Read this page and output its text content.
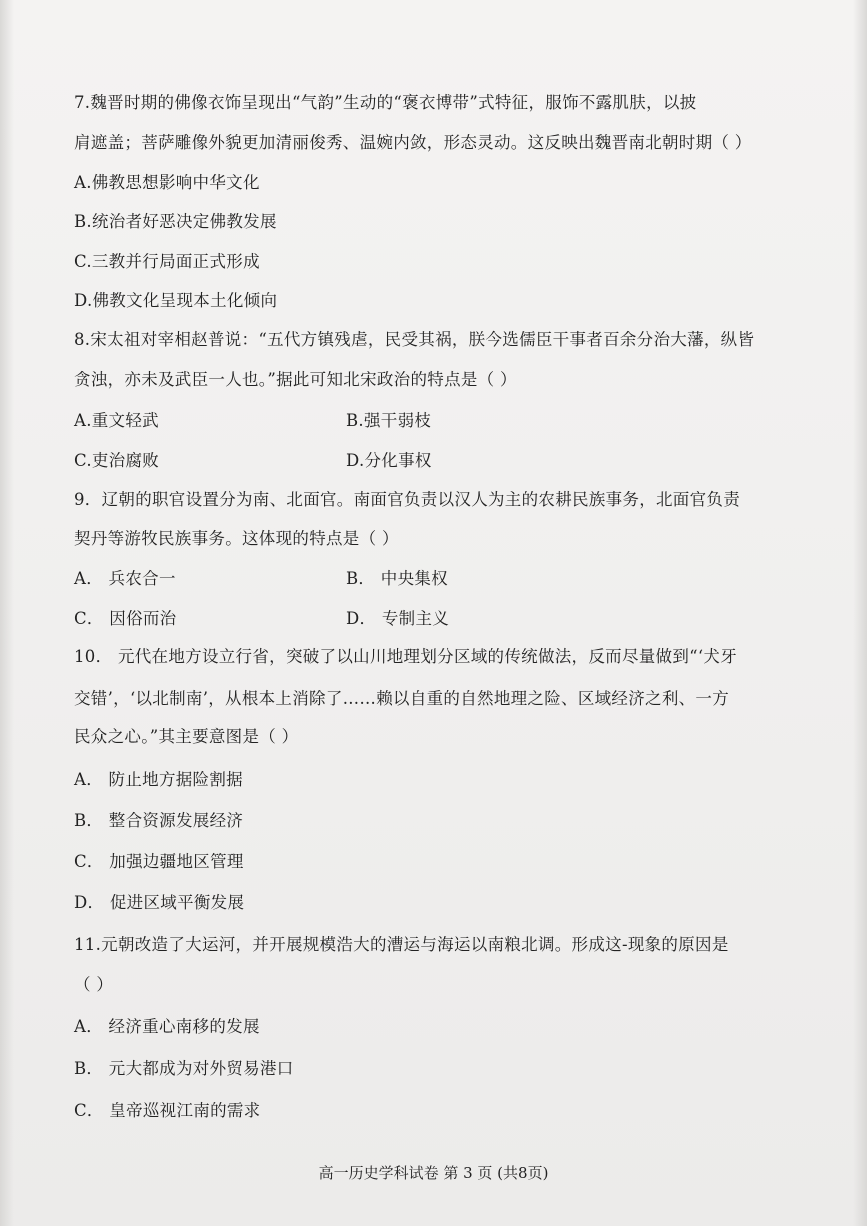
7.魏晋时期的佛像衣饰呈现出“气韵”生动的“褒衣博带”式特征，服饰不露肌肤，以披
肩遮盖；菩萨雕像外貌更加清丽俊秀、温婉内敛，形态灵动。这反映出魏晋南北朝时期（ ）
A.佛教思想影响中华文化
B.统治者好恶决定佛教发展
C.三教并行局面正式形成
D.佛教文化呈现本土化倾向
8.宋太祖对宰相赵普说：“五代方镇残虐，民受其祸，朕今选儒臣干事者百余分治大藩，纵皆
贪浊，亦未及武臣一人也。”据此可知北宋政治的特点是（ ）
A.重文轻武	B.强干弱枝
C.吏治腐败	D.分化事权
9．辽朝的职官设置分为南、北面官。南面官负责以汉人为主的农耕民族事务，北面官负责
契丹等游牧民族事务。这体现的特点是（ ）
A． 兵农合一	B． 中央集权
C． 因俗而治	D． 专制主义
10． 元代在地方设立行省，突破了以山川地理划分区域的传统做法，反而尽量做到“‘犬牙
交错’，‘以北制南’，从根本上消除了……赖以自重的自然地理之险、区域经济之利、一方
民众之心。”其主要意图是（ ）
A． 防止地方据险割据
B． 整合资源发展经济
C． 加强边疆地区管理
D． 促进区域平衡发展
11.元朝改造了大运河，并开展规模浩大的漕运与海运以南粮北调。形成这-现象的原因是
（ ）
A． 经济重心南移的发展
B． 元大都成为对外贸易港口
C． 皇帝巡视江南的需求
高一历史学科试卷 第 3 页 (共8页)
